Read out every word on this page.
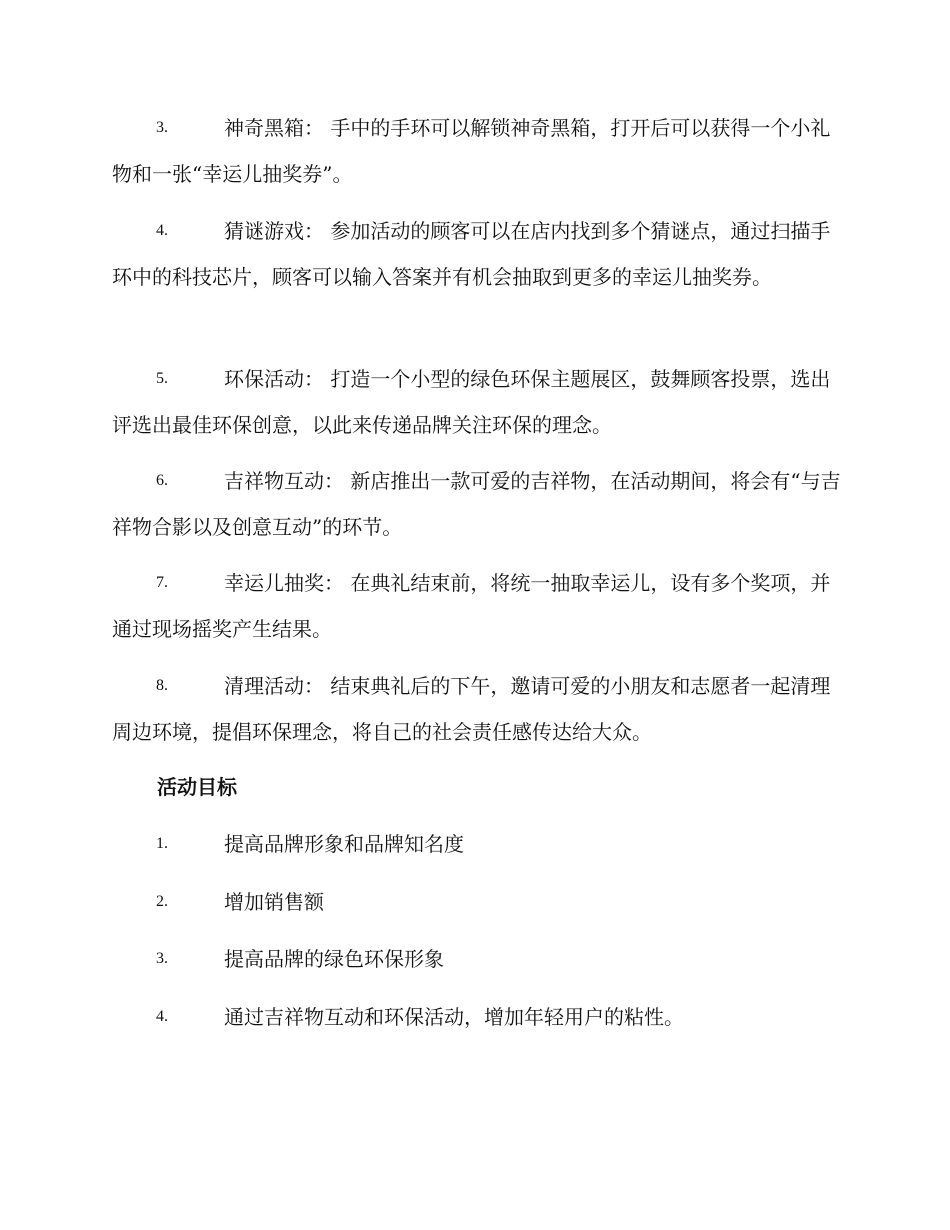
3.	神奇黑箱： 手中的手环可以解锁神奇黑箱，打开后可以获得一个小礼物和一张“幸运儿抽奖券”。
4.	猜谜游戏： 参加活动的顾客可以在店内找到多个猜谜点，通过扫描手环中的科技芯片，顾客可以输入答案并有机会抽取到更多的幸运儿抽奖券。
5.	环保活动： 打造一个小型的绿色环保主题展区，鼓舞顾客投票，选出评选出最佳环保创意，以此来传递品牌关注环保的理念。
6.	吉祥物互动： 新店推出一款可爱的吉祥物，在活动期间，将会有“与吉祥物合影以及创意互动”的环节。
7.	幸运儿抽奖： 在典礼结束前，将统一抽取幸运儿，设有多个奖项，并通过现场摇奖产生结果。
8.	清理活动： 结束典礼后的下午，邀请可爱的小朋友和志愿者一起清理周边环境，提倡环保理念，将自己的社会责任感传达给大众。
活动目标
1.	提高品牌形象和品牌知名度
2.	增加销售额
3.	提高品牌的绿色环保形象
4.	通过吉祥物互动和环保活动，增加年轻用户的粘性。
